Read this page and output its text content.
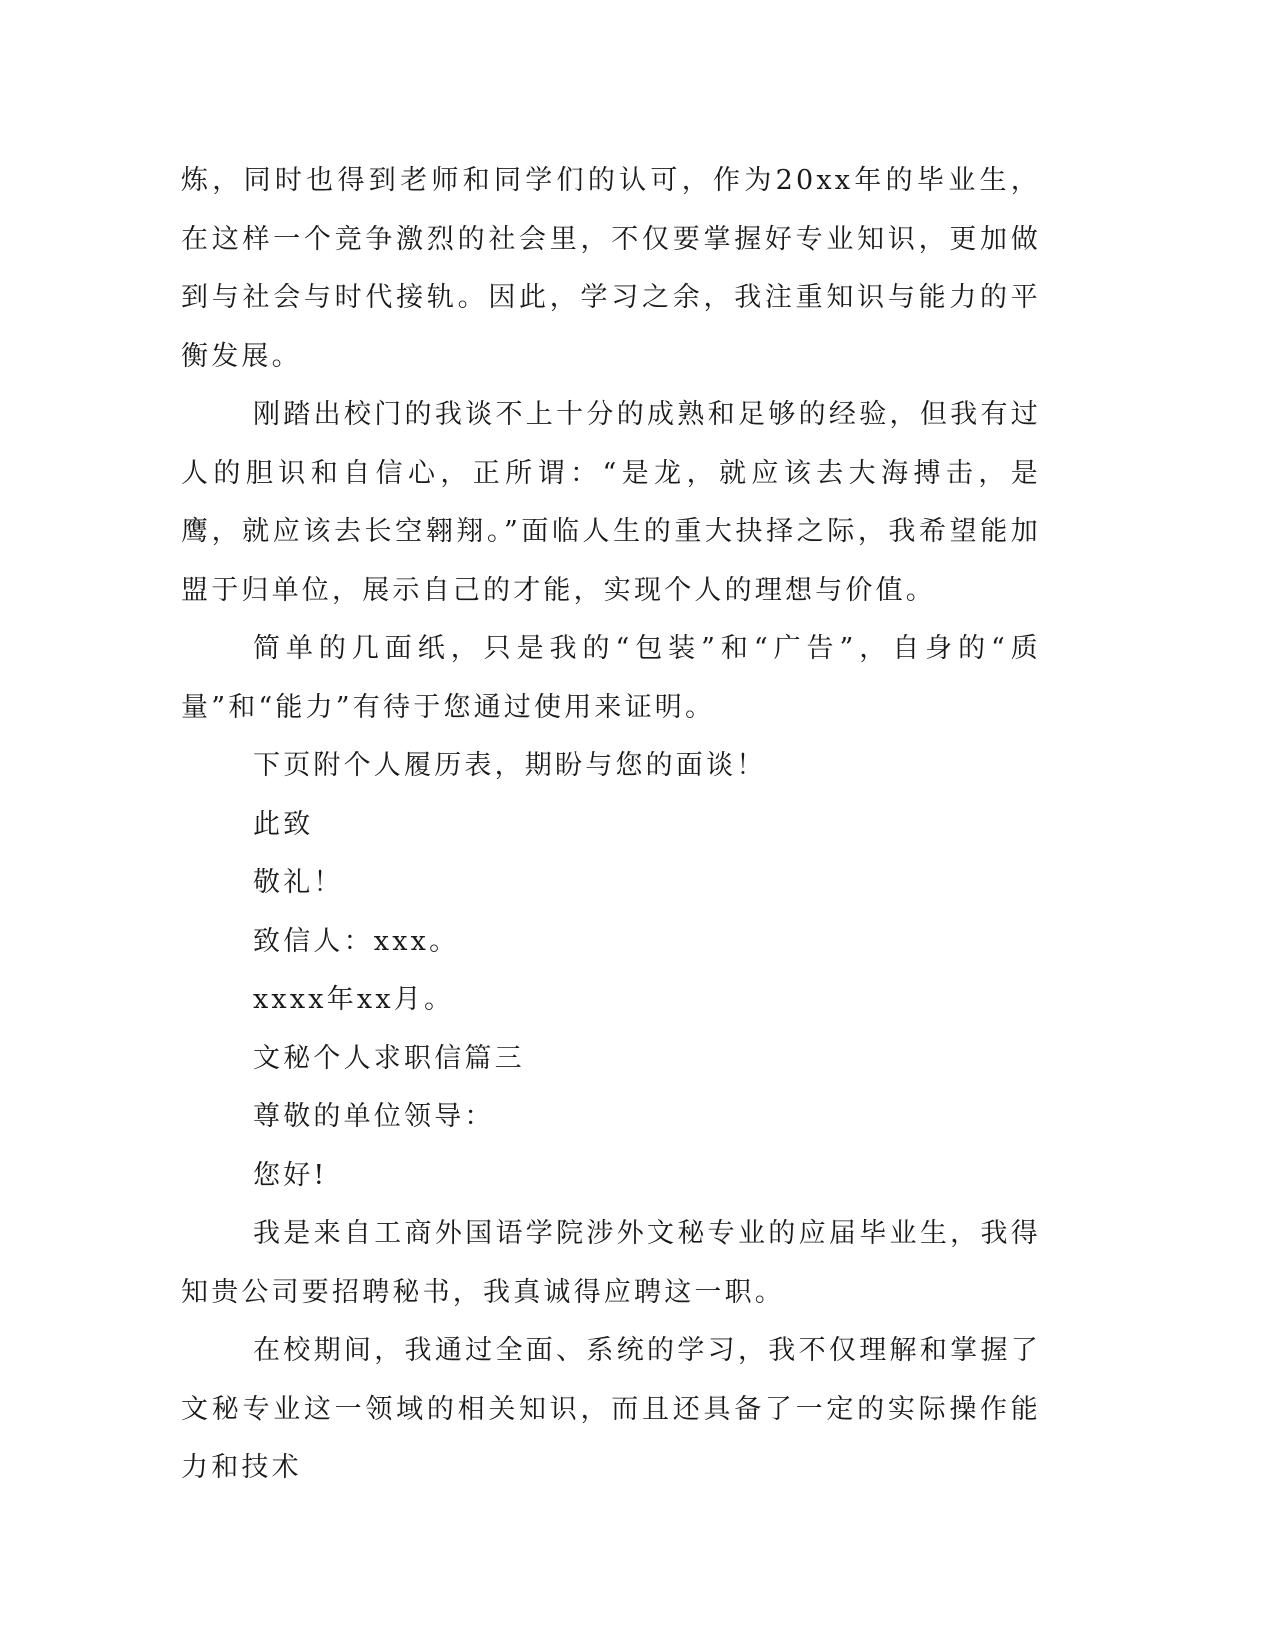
炼，同时也得到老师和同学们的认可，作为20xx年的毕业生，在这样一个竞争激烈的社会里，不仅要掌握好专业知识，更加做到与社会与时代接轨。因此，学习之余，我注重知识与能力的平衡发展。

刚踏出校门的我谈不上十分的成熟和足够的经验，但我有过人的胆识和自信心，正所谓：“是龙，就应该去大海搏击，是鹰，就应该去长空翱翔。”面临人生的重大抉择之际，我希望能加盟于归单位，展示自己的才能，实现个人的理想与价值。

简单的几面纸，只是我的“包装”和“广告”，自身的“质量”和“能力”有待于您通过使用来证明。

下页附个人履历表，期盼与您的面谈！

此致

敬礼！

致信人：xxx。

xxxx年xx月。

文秘个人求职信篇三

尊敬的单位领导：

您好!

我是来自工商外国语学院涉外文秘专业的应届毕业生，我得知贵公司要招聘秘书，我真诚得应聘这一职。

在校期间，我通过全面、系统的学习，我不仅理解和掌握了文秘专业这一领域的相关知识，而且还具备了一定的实际操作能力和技术
